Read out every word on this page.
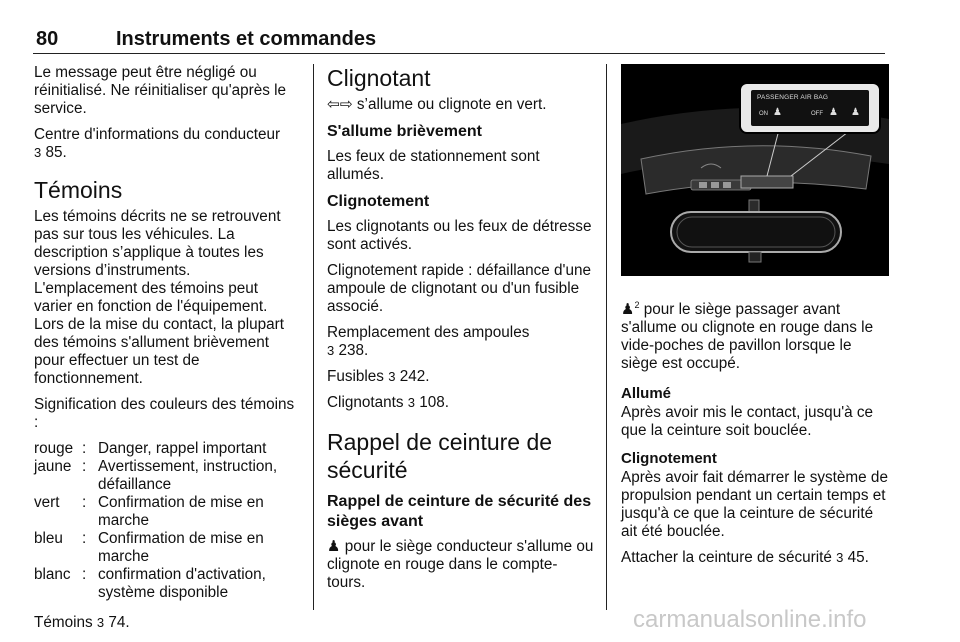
80	Instruments et commandes

Le message peut être négligé ou réinitialisé. Ne réinitialiser qu'après le service.

Centre d'informations du conducteur
3 85.

Témoins

Les témoins décrits ne se retrouvent pas sur tous les véhicules. La description s’applique à toutes les versions d’instruments. L'emplacement des témoins peut varier en fonction de l'équipement. Lors de la mise du contact, la plupart des témoins s'allument brièvement pour effectuer un test de fonctionnement.

Signification des couleurs des témoins :

rouge : Danger, rappel important
jaune : Avertissement, instruction, défaillance
vert	: Confirmation de mise en marche
bleu	: Confirmation de mise en marche
blanc : confirmation d'activation, système disponible

Témoins 3 74.

Clignotant

⇦⇨ s’allume ou clignote en vert.

S'allume brièvement

Les feux de stationnement sont allumés.

Clignotement

Les clignotants ou les feux de détresse sont activés.

Clignotement rapide : défaillance d'une ampoule de clignotant ou d'un fusible associé.

Remplacement des ampoules
3 238.

Fusibles 3 242.

Clignotants 3 108.

Rappel de ceinture de sécurité
Rappel de ceinture de sécurité des sièges avant

♟ pour le siège conducteur s'allume ou clignote en rouge dans le compte-tours.

PASSENGER AIR BAG
ON ♟	OFF ♟ ♟

♟$^2$ pour le siège passager avant s'allume ou clignote en rouge dans le vide-poches de pavillon lorsque le siège est occupé.

Allumé

Après avoir mis le contact, jusqu'à ce que la ceinture soit bouclée.

Clignotement

Après avoir fait démarrer le système de propulsion pendant un certain temps et jusqu'à ce que la ceinture de sécurité ait été bouclée.

Attacher la ceinture de sécurité 3 45.

carmanualsonline.info
